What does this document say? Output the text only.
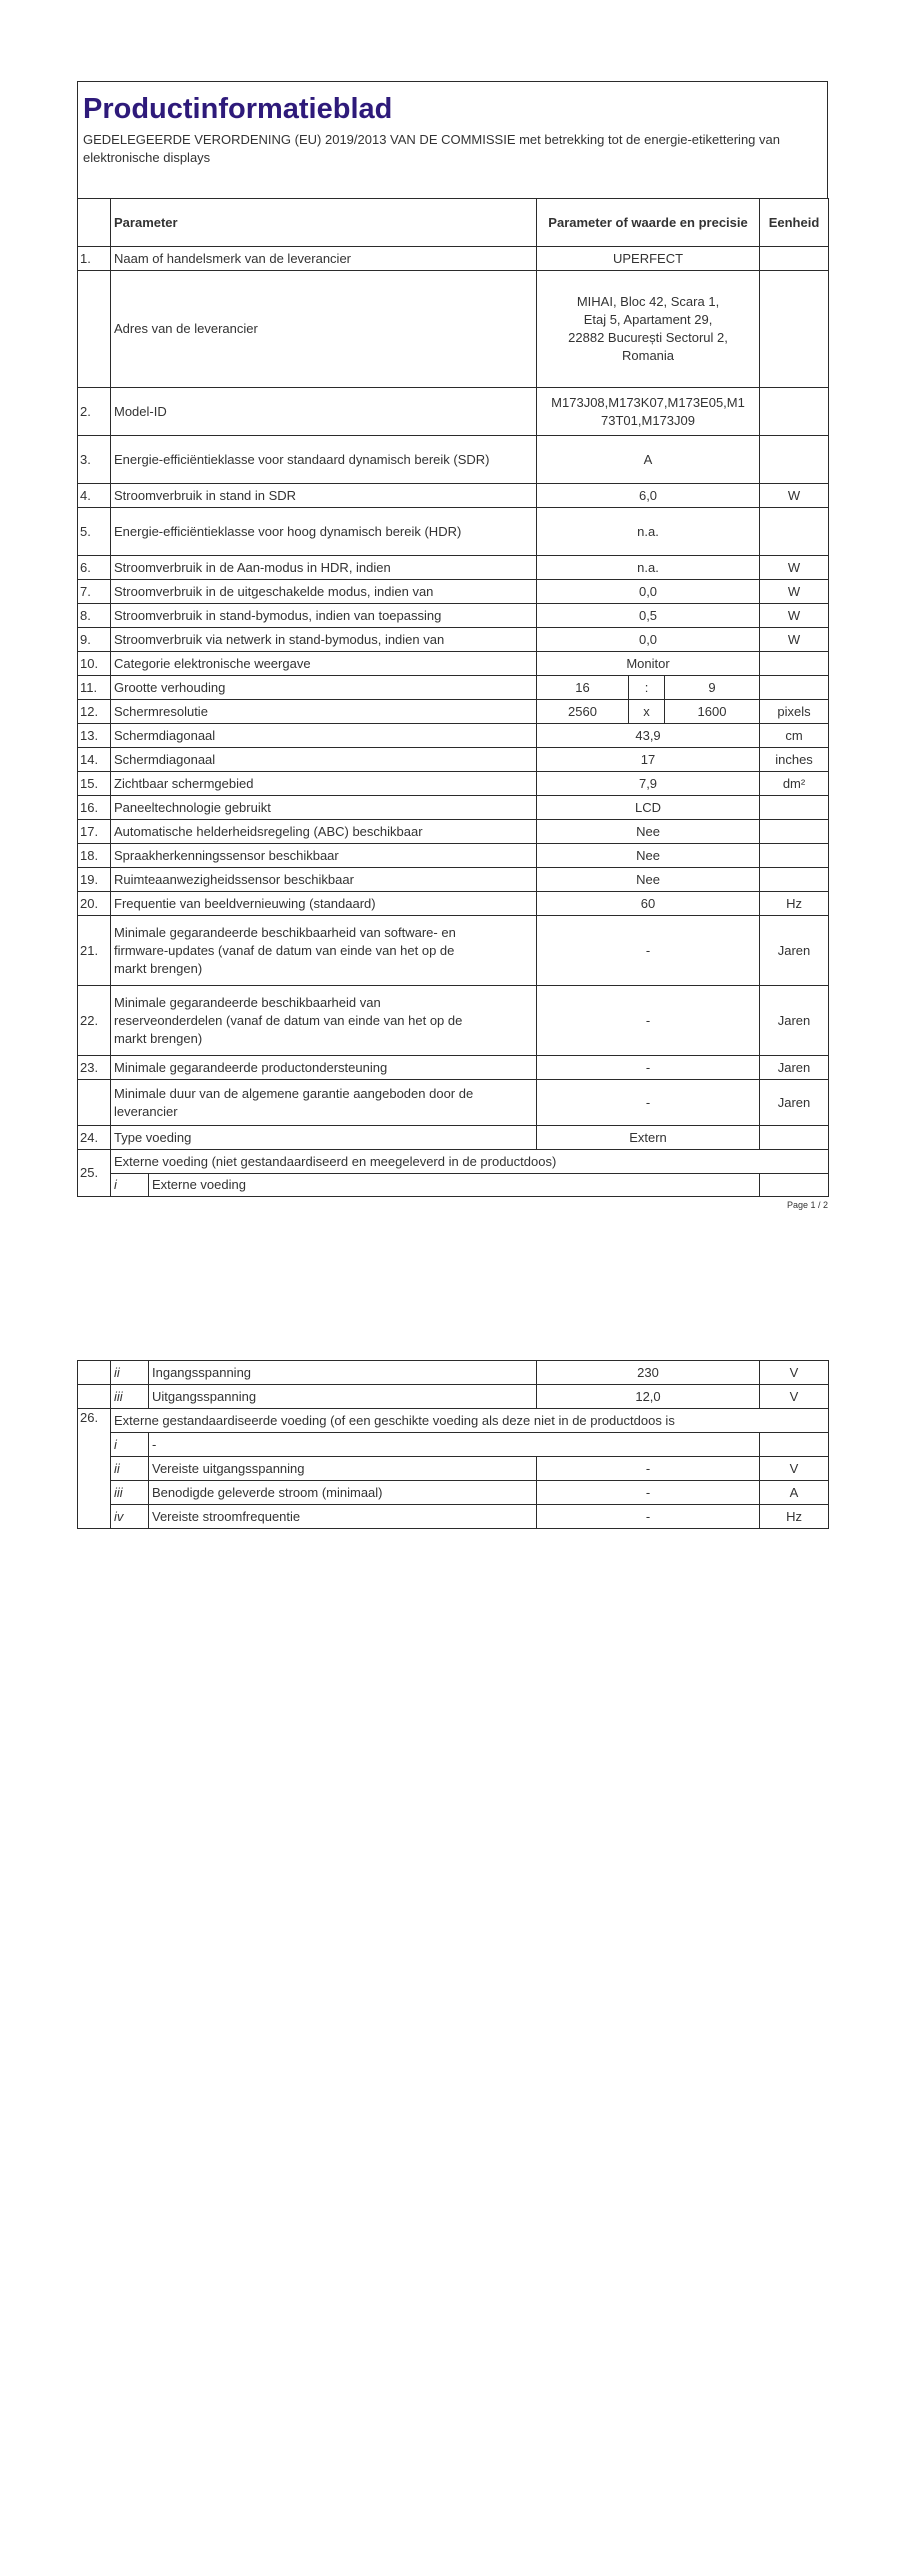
Productinformatieblad

GEDELEGEERDE VERORDENING (EU) 2019/2013 VAN DE COMMISSIE met betrekking tot de energie-etikettering van
elektronische displays

	Parameter		Parameter of waarde en precisie			Eenheid
1.	Naam of handelsmerk van de leverancier		UPERFECT			
	Adres van de leverancier		MIHAI, Bloc 42, Scara 1,
Etaj 5, Apartament 29,
22882 București Sectorul 2,
Romania			
2.	Model-ID		M173J08,M173K07,M173E05,M1
73T01,M173J09			
3.	Energie-efficiëntieklasse voor standaard dynamisch bereik (SDR)		A			
4.	Stroomverbruik in stand in SDR		6,0			W
5.	Energie-efficiëntieklasse voor hoog dynamisch bereik (HDR)		n.a.			
6.	Stroomverbruik in de Aan-modus in HDR, indien		n.a.			W
7.	Stroomverbruik in de uitgeschakelde modus, indien van		0,0			W
8.	Stroomverbruik in stand-bymodus, indien van toepassing		0,5			W
9.	Stroomverbruik via netwerk in stand-bymodus, indien van		0,0			W
10.	Categorie elektronische weergave		Monitor			
11.	Grootte verhouding		16	:	9	
12.	Schermresolutie		2560	x	1600	pixels
13.	Schermdiagonaal		43,9			cm
14.	Schermdiagonaal		17			inches
15.	Zichtbaar schermgebied		7,9			dm²
16.	Paneeltechnologie gebruikt		LCD			
17.	Automatische helderheidsregeling (ABC) beschikbaar		Nee			
18.	Spraakherkenningssensor beschikbaar		Nee			
19.	Ruimteaanwezigheidssensor beschikbaar		Nee			
20.	Frequentie van beeldvernieuwing (standaard)		60			Hz
21.	Minimale gegarandeerde beschikbaarheid van software- en
firmware-updates (vanaf de datum van einde van het op de
markt brengen)		-			Jaren
22.	Minimale gegarandeerde beschikbaarheid van
reserveonderdelen (vanaf de datum van einde van het op de
markt brengen)		-			Jaren
23.	Minimale gegarandeerde productondersteuning		-			Jaren
	Minimale duur van de algemene garantie aangeboden door de
leverancier		-			Jaren
24.	Type voeding		Extern			
25.	Externe voeding (niet gestandaardiseerd en meegeleverd in de productdoos)					
	i	Externe voeding				
Page 1 / 2
	ii	Ingangsspanning	230	V
	iii	Uitgangsspanning	12,0	V
26.	Externe gestandaardiseerde voeding (of een geschikte voeding als deze niet in de productdoos is			
	i	-		
	ii	Vereiste uitgangsspanning	-	V
	iii	Benodigde geleverde stroom (minimaal)	-	A
	iv	Vereiste stroomfrequentie	-	Hz
